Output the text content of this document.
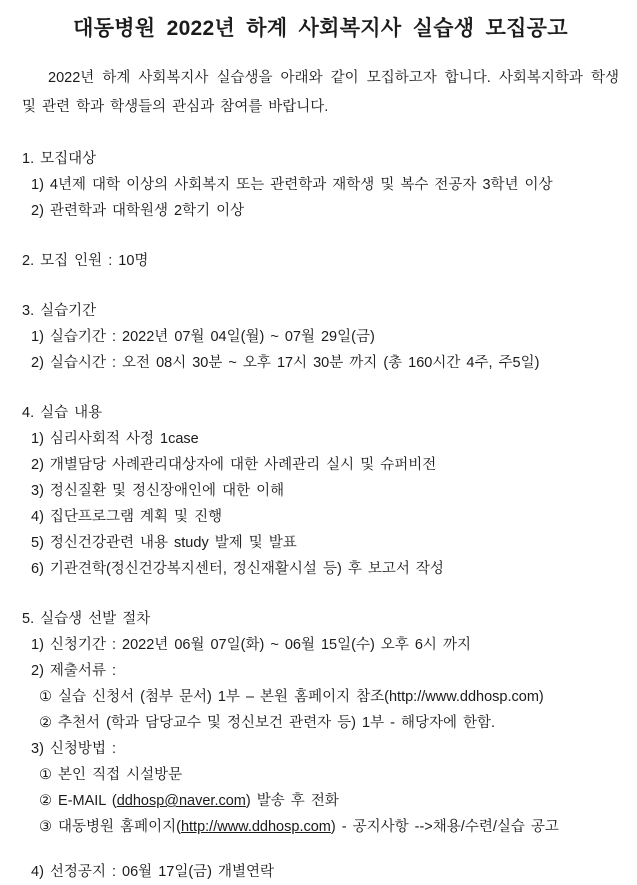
대동병원 2022년 하계 사회복지사 실습생 모집공고

2022년 하계 사회복지사 실습생을 아래와 같이 모집하고자 합니다. 사회복지학과 학생 및 관련 학과 학생들의 관심과 참여를 바랍니다.

1. 모집대상
1) 4년제 대학 이상의 사회복지 또는 관련학과 재학생 및 복수 전공자 3학년 이상
2) 관련학과 대학원생 2학기 이상
2. 모집 인원 : 10명
3. 실습기간
1) 실습기간 : 2022년 07월 04일(월) ~ 07월 29일(금)
2) 실습시간 : 오전 08시 30분 ~ 오후 17시 30분 까지 (총 160시간 4주, 주5일)
4. 실습 내용
1) 심리사회적 사정 1case
2) 개별담당 사례관리대상자에 대한 사례관리 실시 및 슈퍼비전
3) 정신질환 및 정신장애인에 대한 이해
4) 집단프로그램 계획 및 진행
5) 정신건강관련 내용 study 발제 및 발표
6) 기관견학(정신건강복지센터, 정신재활시설 등) 후 보고서 작성
5. 실습생 선발 절차
1) 신청기간 : 2022년 06월 07일(화) ~ 06월 15일(수) 오후 6시 까지
2) 제출서류 :
① 실습 신청서 (첨부 문서) 1부 – 본원 홈페이지 참조(http://www.ddhosp.com)
② 추천서 (학과 담당교수 및 정신보건 관련자 등) 1부 - 해당자에 한함.
3) 신청방법 :
① 본인 직접 시설방문
② E-MAIL (ddhosp@naver.com) 발송 후 전화
③ 대동병원 홈페이지(http://www.ddhosp.com) - 공지사항 -->채용/수련/실습 공고
4) 선정공지 : 06월 17일(금) 개별연락
